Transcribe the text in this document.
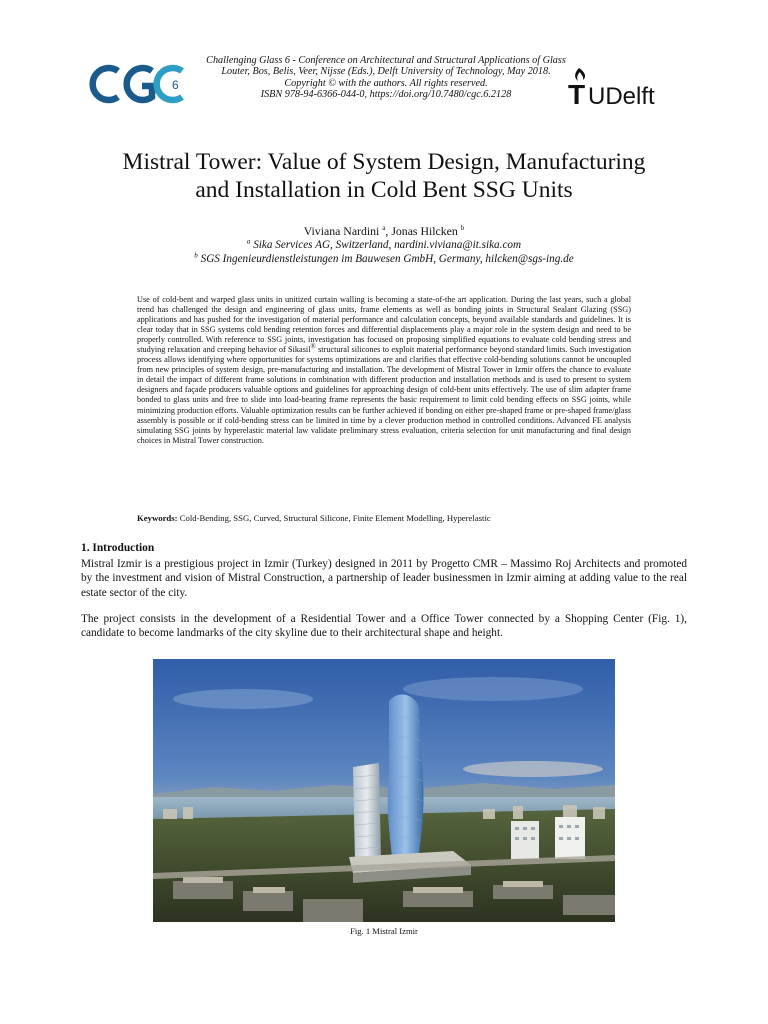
6
Challenging Glass 6 - Conference on Architectural and Structural Applications of Glass
Louter, Bos, Belis, Veer, Nijsse (Eds.), Delft University of Technology, May 2018.
Copyright © with the authors. All rights reserved.
ISBN 978-94-6366-044-0, https://doi.org/10.7480/cgc.6.2128	T UDelft
Mistral Tower: Value of System Design, Manufacturing
and Installation in Cold Bent SSG Units
Viviana Nardini $^a$, Jonas Hilcken $^b$
$^a$ Sika Services AG, Switzerland, nardini.viviana@it.sika.com
$^b$ SGS Ingenieurdienstleistungen im Bauwesen GmbH, Germany, hilcken@sgs-ing.de
Use of cold-bent and warped glass units in unitized curtain walling is becoming a state-of-the art application. During the last years, such a global trend has challenged the design and engineering of glass units, frame elements as well as bonding joints in Structural Sealant Glazing (SSG) applications and has pushed for the investigation of material performance and calculation concepts, beyond available standards and guidelines. It is clear today that in SSG systems cold bending retention forces and differential displacements play a major role in the system design and need to be properly controlled. With reference to SSG joints, investigation has focused on proposing simplified equations to evaluate cold bending stress and studying relaxation and creeping behavior of Sikasil® structural silicones to exploit material performance beyond standard limits. Such investigation process allows identifying where opportunities for systems optimizations are and clarifies that effective cold-bending solutions cannot be uncoupled from new principles of system design, pre-manufacturing and installation. The development of Mistral Tower in Izmir offers the chance to evaluate in detail the impact of different frame solutions in combination with different production and installation methods and is used to present to system designers and façade producers valuable options and guidelines for approaching design of cold-bent units effectively. The use of slim adapter frame bonded to glass units and free to slide into load-bearing frame represents the basic requirement to limit cold bending effects on SSG joints, while minimizing production efforts. Valuable optimization results can be further achieved if bonding on either pre-shaped frame or pre-shaped frame/glass assembly is possible or if cold-bending stress can be limited in time by a clever production method in controlled conditions. Advanced FE analysis simulating SSG joints by hyperelastic material law validate preliminary stress evaluation, criteria selection for unit manufacturing and final design choices in Mistral Tower construction.
Keywords: Cold-Bending, SSG, Curved, Structural Silicone, Finite Element Modelling, Hyperelastic
1. Introduction
Mistral Izmir is a prestigious project in Izmir (Turkey) designed in 2011 by Progetto CMR – Massimo Roj Architects and promoted by the investment and vision of Mistral Construction, a partnership of leader businessmen in Izmir aiming at adding value to the real estate sector of the city.
The project consists in the development of a Residential Tower and a Office Tower connected by a Shopping Center (Fig. 1), candidate to become landmarks of the city skyline due to their architectural shape and height.
Fig. 1 Mistral Izmir
